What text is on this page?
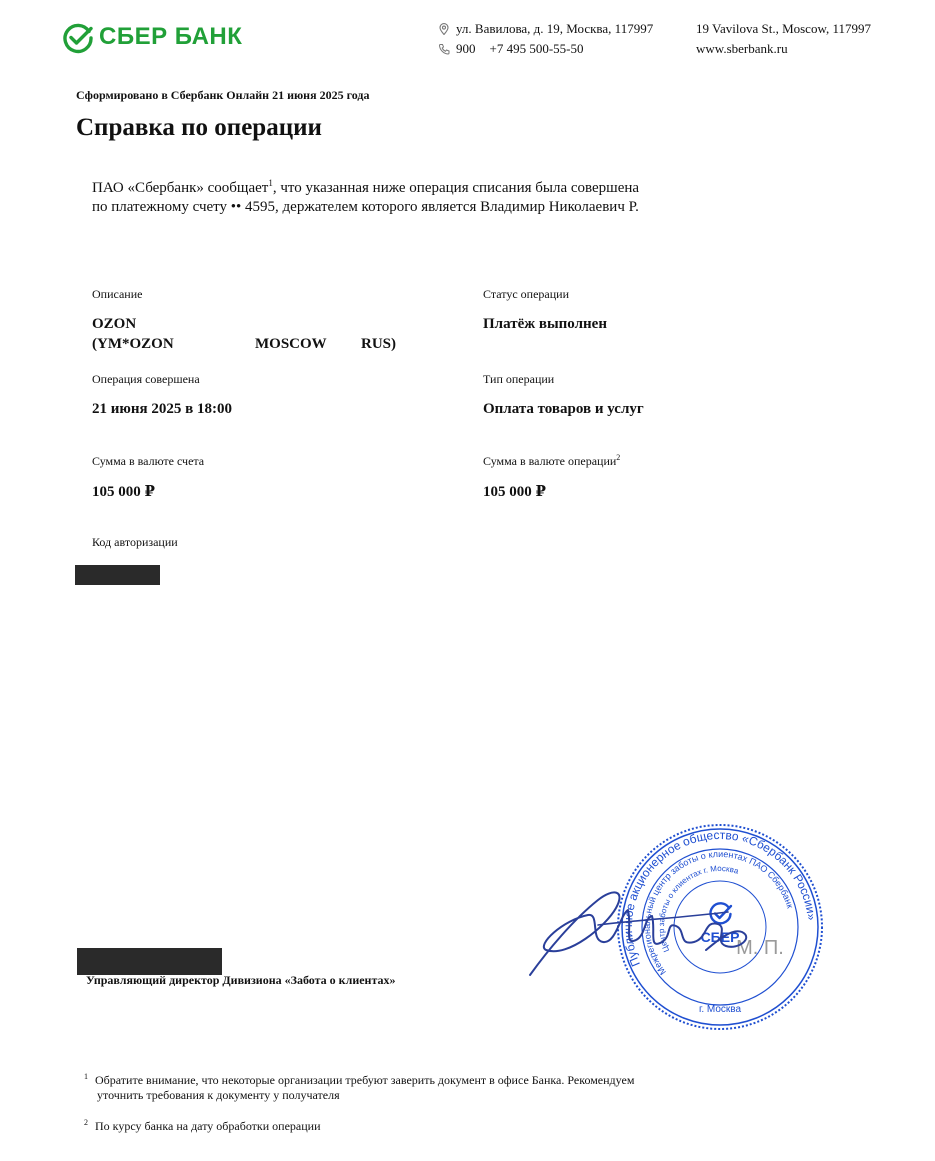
СБЕР БАНК	ул. Вавилова, д. 19, Москва, 117997
900 +7 495 500-55-50
19 Vavilova St., Moscow, 117997
www.sberbank.ru
Сформировано в Сбербанк Онлайн 21 июня 2025 года
Справка по операции
ПАО «Сбербанк» сообщает$^1$, что указанная ниже операция списания была совершена по платежному счету •• 4595, держателем которого является Владимир Николаевич Р.
Описание
OZON
(YM*OZON	MOSCOW RUS)
Операция совершена
21 июня 2025 в 18:00
Сумма в валюте счета
105 000 ₽
Код авторизации
Статус операции
Платёж выполнен
Тип операции
Оплата товаров и услуг
Сумма в валюте операции$^2$
105 000 ₽
Управляющий директор Дивизиона «Забота о клиентах»
Публичное акционерное общество «Сбербанк России»
Межрегиональный центр заботы о клиентах ПАО Сбербанк
Центр заботы о клиентах г. Москва
СБЕР
г. Москва
М. П.
1 Обратите внимание, что некоторые организации требуют заверить документ в офисе Банка. Рекомендуем
уточнить требования к документу у получателя
2 По курсу банка на дату обработки операции
